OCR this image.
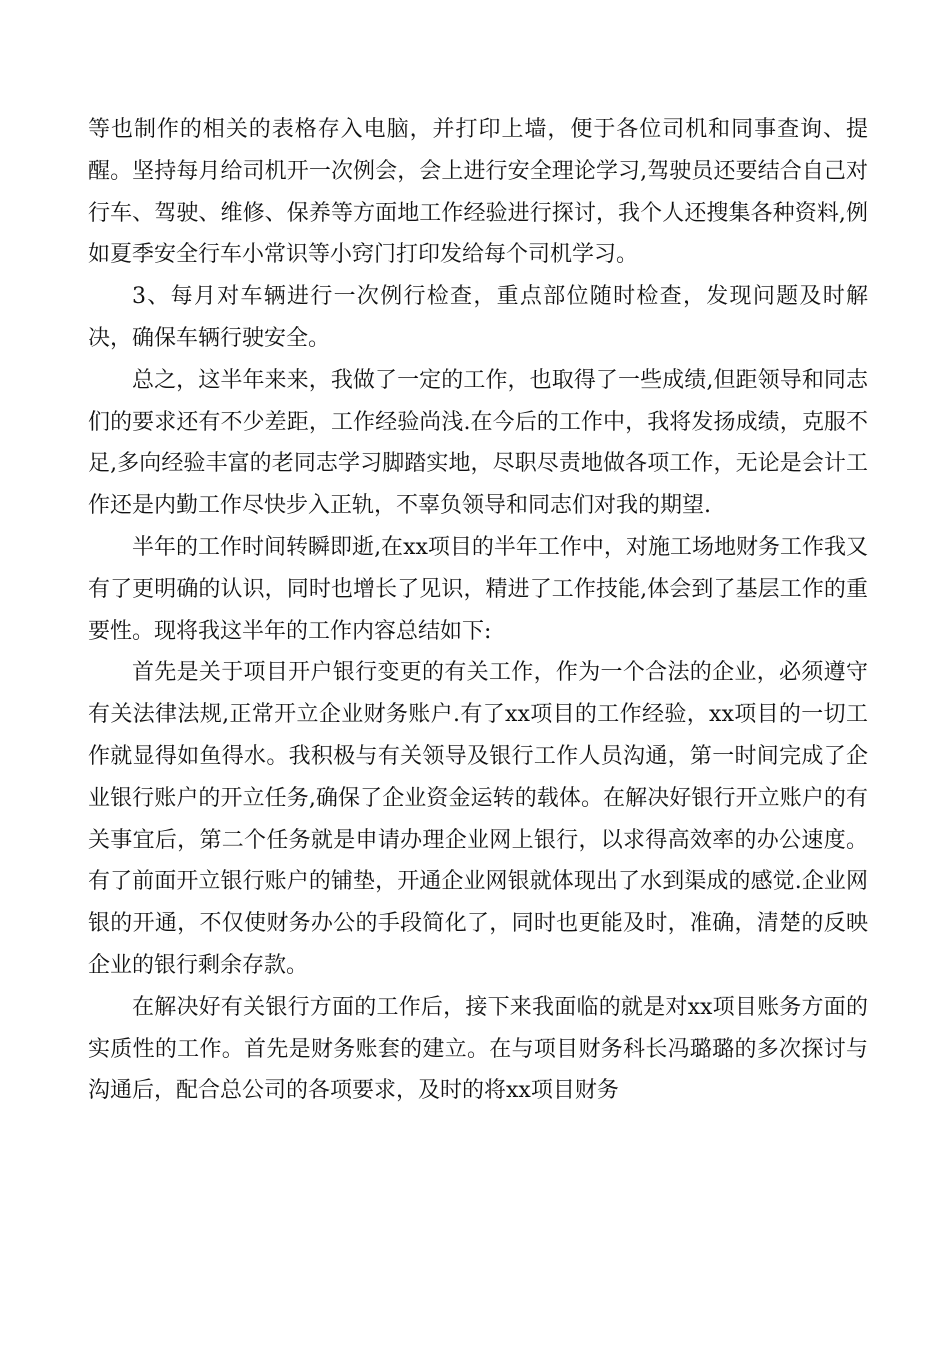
等也制作的相关的表格存入电脑，并打印上墙，便于各位司机和同事查询、提醒。坚持每月给司机开一次例会，会上进行安全理论学习,驾驶员还要结合自己对行车、驾驶、维修、保养等方面地工作经验进行探讨，我个人还搜集各种资料,例如夏季安全行车小常识等小窍门打印发给每个司机学习。

3、每月对车辆进行一次例行检查，重点部位随时检查，发现问题及时解决，确保车辆行驶安全。

总之，这半年来来，我做了一定的工作，也取得了一些成绩,但距领导和同志们的要求还有不少差距，工作经验尚浅.在今后的工作中，我将发扬成绩，克服不足,多向经验丰富的老同志学习脚踏实地，尽职尽责地做各项工作，无论是会计工作还是内勤工作尽快步入正轨，不辜负领导和同志们对我的期望.

半年的工作时间转瞬即逝,在xx项目的半年工作中，对施工场地财务工作我又有了更明确的认识，同时也增长了见识，精进了工作技能,体会到了基层工作的重要性。现将我这半年的工作内容总结如下:

首先是关于项目开户银行变更的有关工作，作为一个合法的企业，必须遵守有关法律法规,正常开立企业财务账户.有了xx项目的工作经验，xx项目的一切工作就显得如鱼得水。我积极与有关领导及银行工作人员沟通，第一时间完成了企业银行账户的开立任务,确保了企业资金运转的载体。在解决好银行开立账户的有关事宜后，第二个任务就是申请办理企业网上银行，以求得高效率的办公速度。有了前面开立银行账户的铺垫，开通企业网银就体现出了水到渠成的感觉.企业网银的开通，不仅使财务办公的手段简化了，同时也更能及时，准确，清楚的反映企业的银行剩余存款。

在解决好有关银行方面的工作后，接下来我面临的就是对xx项目账务方面的实质性的工作。首先是财务账套的建立。在与项目财务科长冯璐璐的多次探讨与沟通后，配合总公司的各项要求，及时的将xx项目财务
